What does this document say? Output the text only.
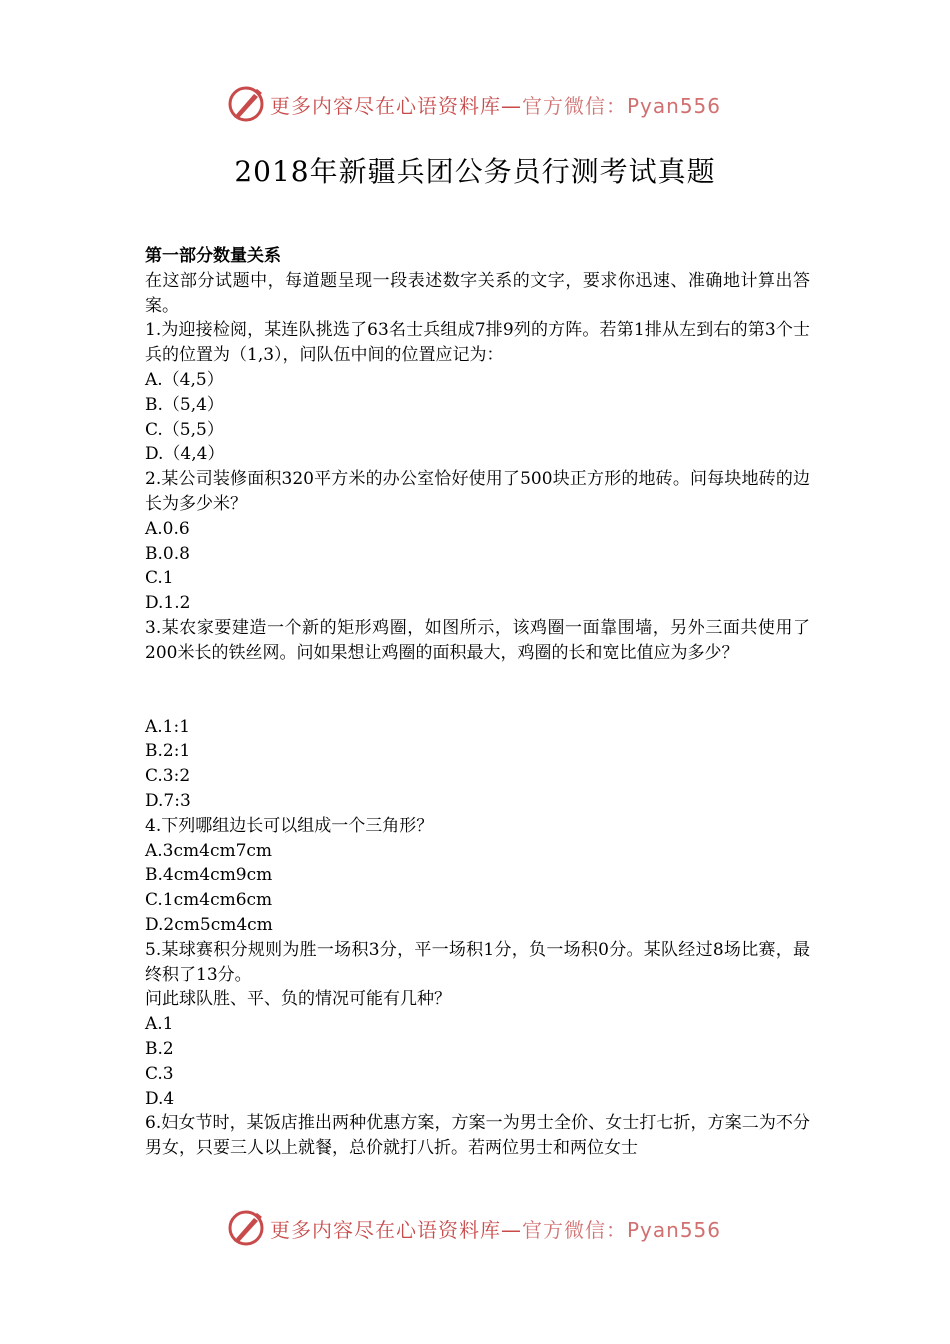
更多内容尽在心语资料库—官方微信：Pyan556
2018年新疆兵团公务员行测考试真题

第一部分数量关系

在这部分试题中，每道题呈现一段表述数字关系的文字，要求你迅速、准确地计算出答案。

1.为迎接检阅，某连队挑选了63名士兵组成7排9列的方阵。若第1排从左到右的第3个士兵的位置为（1,3），问队伍中间的位置应记为：

A.（4,5）

B.（5,4）

C.（5,5）

D.（4,4）

2.某公司装修面积320平方米的办公室恰好使用了500块正方形的地砖。问每块地砖的边长为多少米？

A.0.6

B.0.8

C.1

D.1.2

3.某农家要建造一个新的矩形鸡圈，如图所示，该鸡圈一面靠围墙，另外三面共使用了200米长的铁丝网。问如果想让鸡圈的面积最大，鸡圈的长和宽比值应为多少？

A.1:1

B.2:1

C.3:2

D.7:3

4.下列哪组边长可以组成一个三角形？

A.3cm4cm7cm

B.4cm4cm9cm

C.1cm4cm6cm

D.2cm5cm4cm

5.某球赛积分规则为胜一场积3分，平一场积1分，负一场积0分。某队经过8场比赛，最终积了13分。

问此球队胜、平、负的情况可能有几种？

A.1

B.2

C.3

D.4

6.妇女节时，某饭店推出两种优惠方案，方案一为男士全价、女士打七折，方案二为不分男女，只要三人以上就餐，总价就打八折。若两位男士和两位女士

更多内容尽在心语资料库—官方微信：Pyan556
